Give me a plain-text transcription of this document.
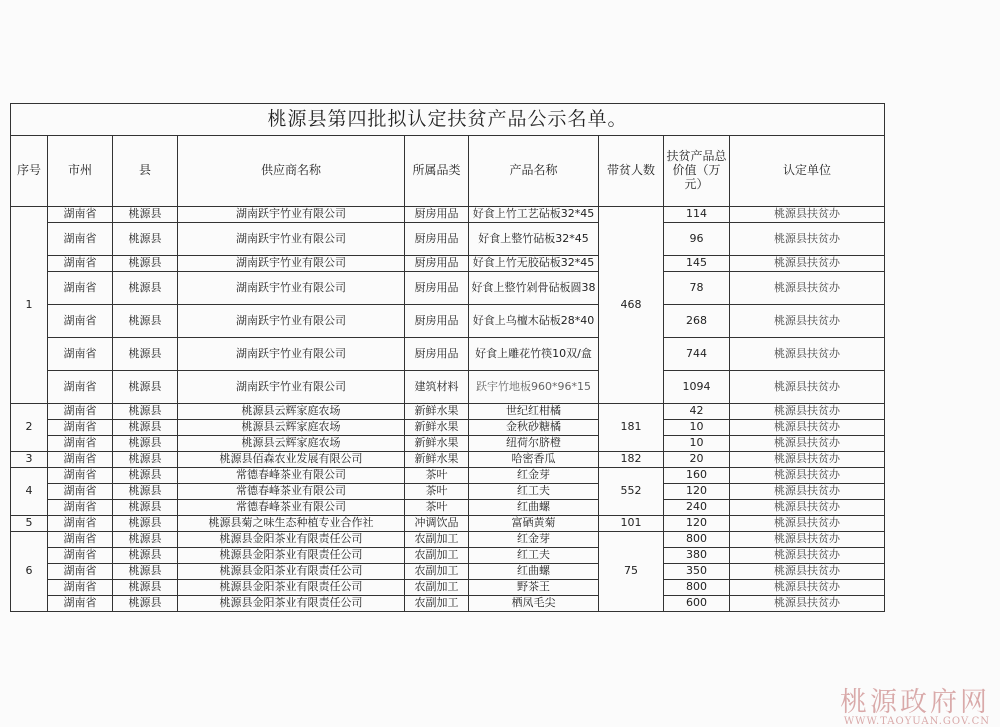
桃源县第四批拟认定扶贫产品公示名单。								
序号	市州	县	供应商名称	所属品类	产品名称	带贫人数	扶贫产品总价值（万元）	认定单位
1	湖南省	桃源县	湖南跃宇竹业有限公司	厨房用品	好食上竹工艺砧板32*45	468	114	桃源县扶贫办
	湖南省	桃源县	湖南跃宇竹业有限公司	厨房用品	好食上整竹砧板32*45		96	桃源县扶贫办
	湖南省	桃源县	湖南跃宇竹业有限公司	厨房用品	好食上竹无胶砧板32*45		145	桃源县扶贫办
	湖南省	桃源县	湖南跃宇竹业有限公司	厨房用品	好食上整竹剁骨砧板圆38		78	桃源县扶贫办
	湖南省	桃源县	湖南跃宇竹业有限公司	厨房用品	好食上乌檀木砧板28*40		268	桃源县扶贫办
	湖南省	桃源县	湖南跃宇竹业有限公司	厨房用品	好食上雕花竹筷10双/盒		744	桃源县扶贫办
	湖南省	桃源县	湖南跃宇竹业有限公司	建筑材料	跃宇竹地板960*96*15		1094	桃源县扶贫办
2	湖南省	桃源县	桃源县云辉家庭农场	新鲜水果	世纪红柑橘	181	42	桃源县扶贫办
	湖南省	桃源县	桃源县云辉家庭农场	新鲜水果	金秋砂糖橘		10	桃源县扶贫办
	湖南省	桃源县	桃源县云辉家庭农场	新鲜水果	纽荷尔脐橙		10	桃源县扶贫办
3	湖南省	桃源县	桃源县佰森农业发展有限公司	新鲜水果	哈密香瓜	182	20	桃源县扶贫办
4	湖南省	桃源县	常德春峰茶业有限公司	茶叶	红金芽	552	160	桃源县扶贫办
	湖南省	桃源县	常德春峰茶业有限公司	茶叶	红工夫		120	桃源县扶贫办
	湖南省	桃源县	常德春峰茶业有限公司	茶叶	红曲螺		240	桃源县扶贫办
5	湖南省	桃源县	桃源县菊之味生态种植专业合作社	冲调饮品	富硒黄菊	101	120	桃源县扶贫办
6	湖南省	桃源县	桃源县金阳茶业有限责任公司	农副加工	红金芽	75	800	桃源县扶贫办
	湖南省	桃源县	桃源县金阳茶业有限责任公司	农副加工	红工夫		380	桃源县扶贫办
	湖南省	桃源县	桃源县金阳茶业有限责任公司	农副加工	红曲螺		350	桃源县扶贫办
	湖南省	桃源县	桃源县金阳茶业有限责任公司	农副加工	野茶王		800	桃源县扶贫办
	湖南省	桃源县	桃源县金阳茶业有限责任公司	农副加工	栖凤毛尖		600	桃源县扶贫办
桃源政府网
WWW.TAOYUAN.GOV.CN
